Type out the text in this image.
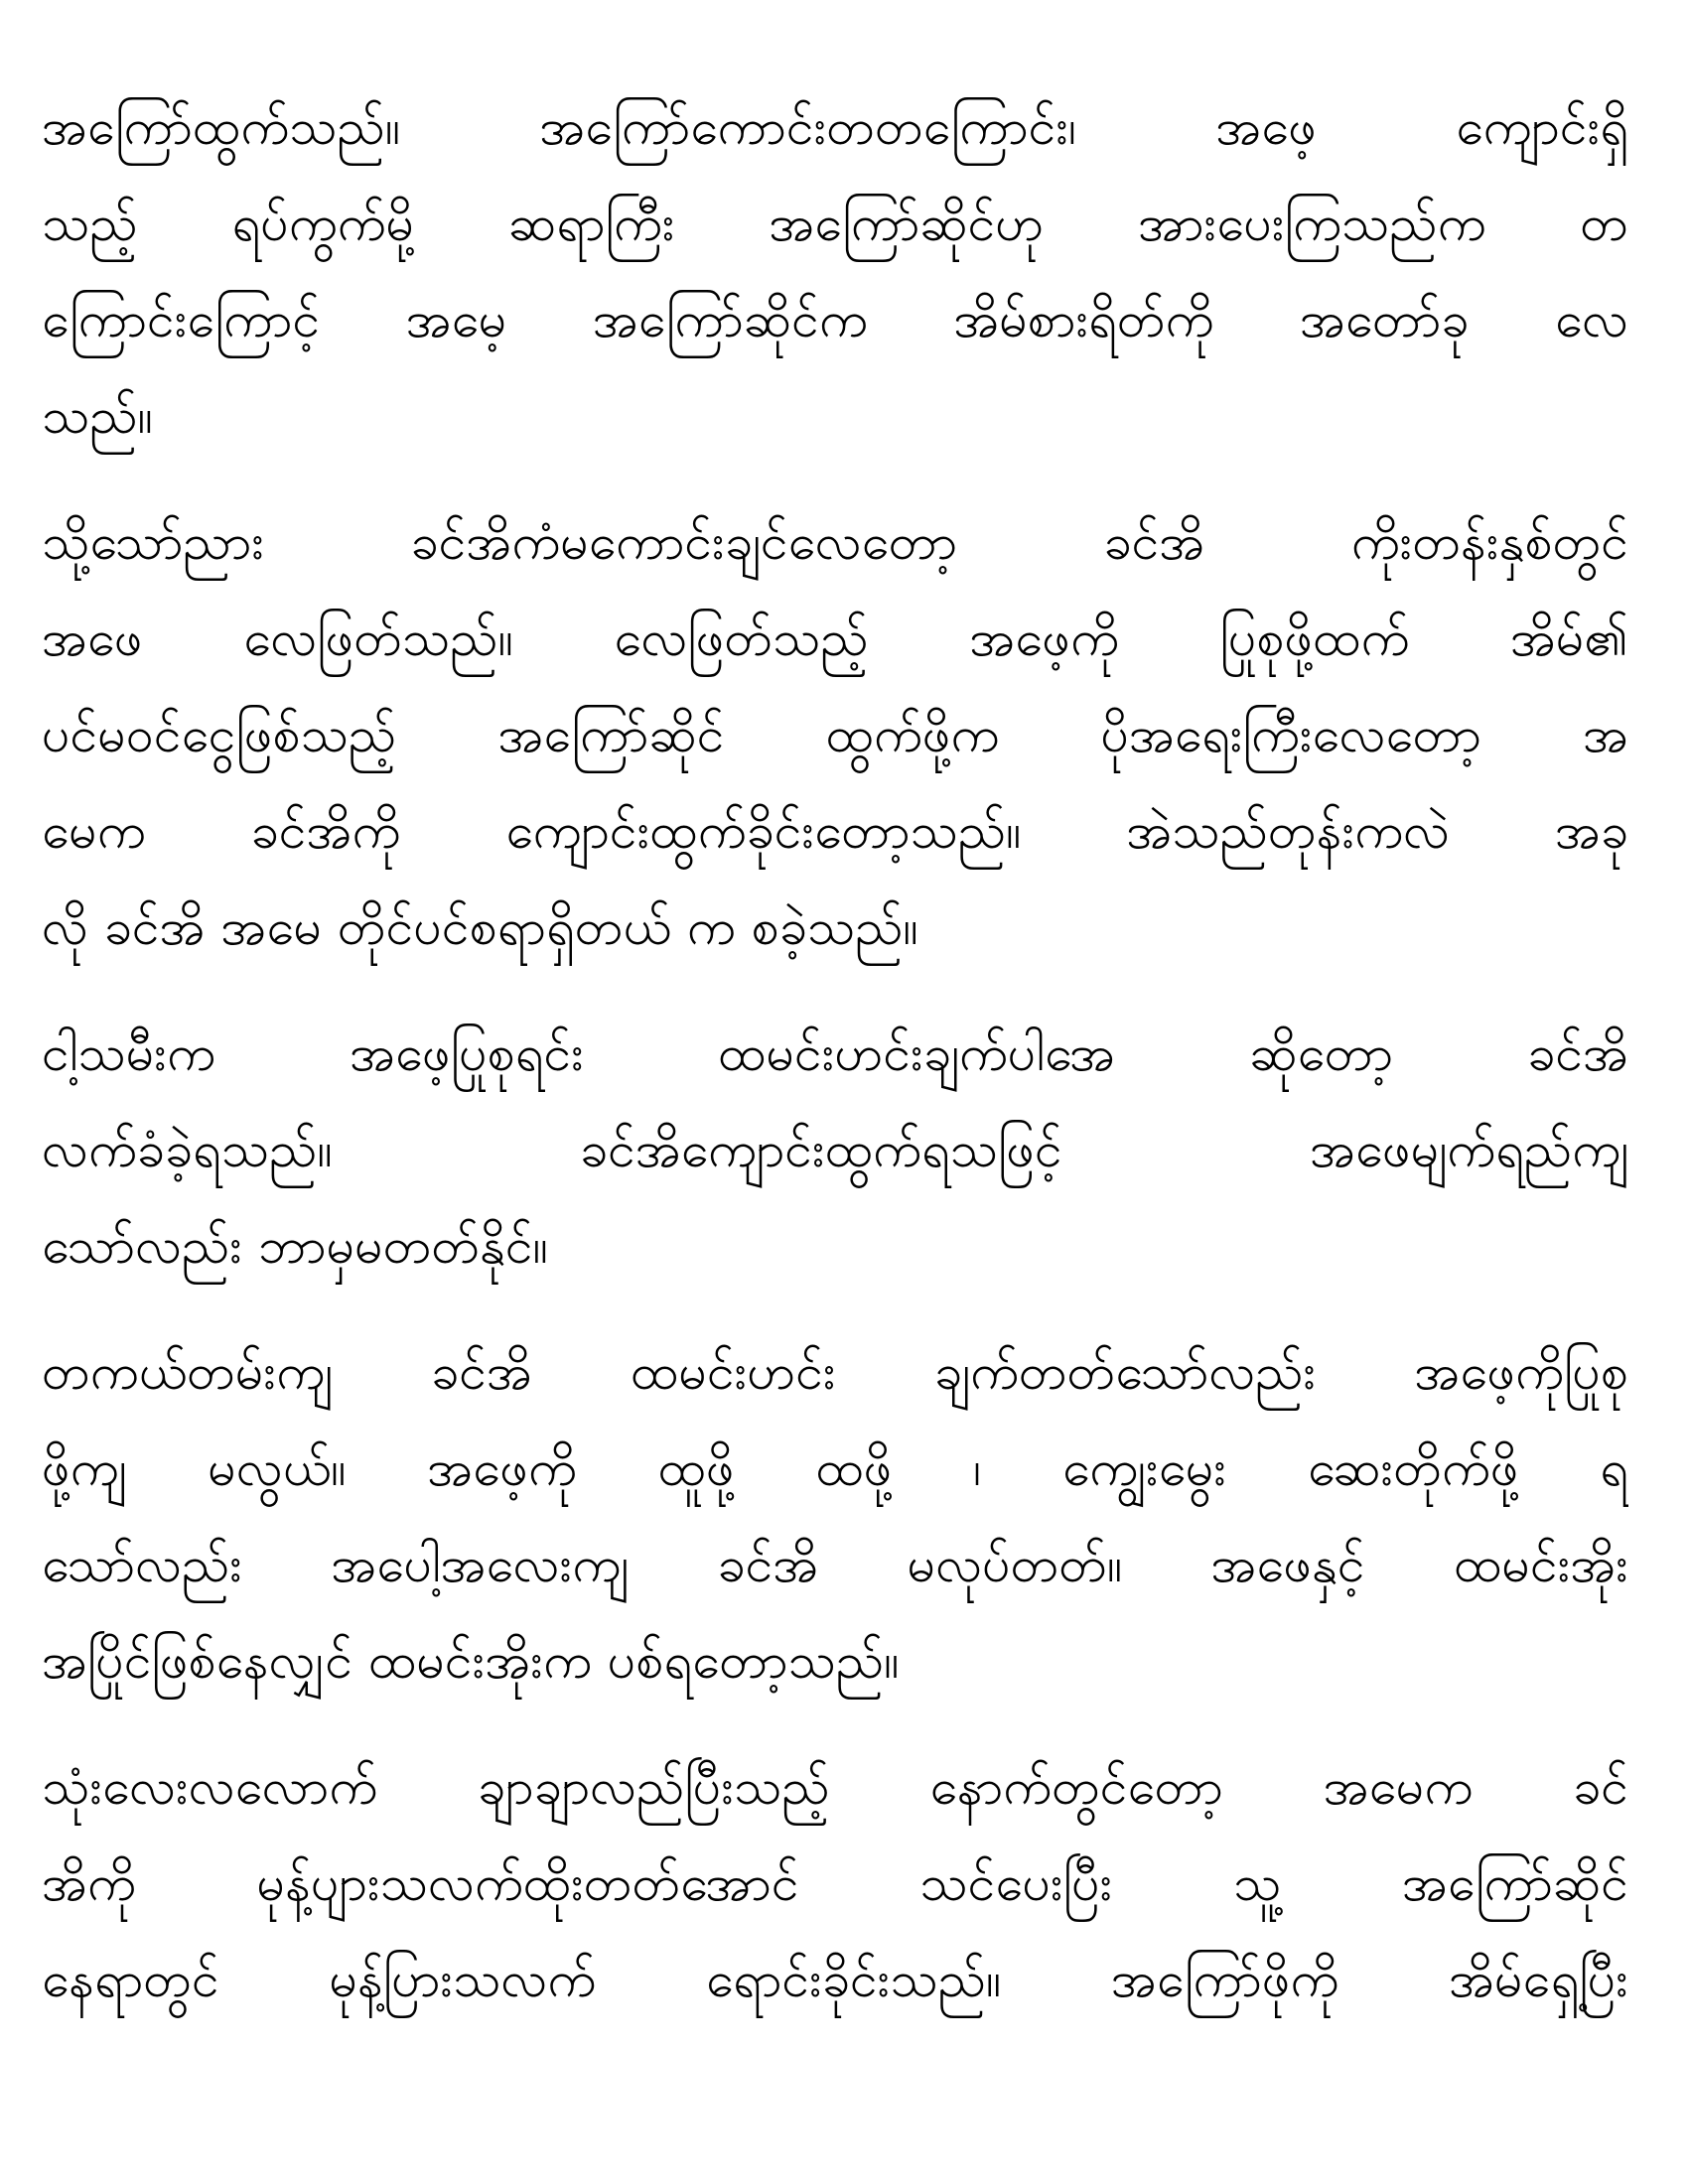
အကြော်ထွက်သည်။ အကြော်ကောင်းတတကြောင်း၊ အဖေ့ ကျောင်းရှိ
သည့် ရပ်ကွက်မို့ ဆရာကြီး အကြော်ဆိုင်ဟု အားပေးကြသည်က တ
ကြောင်းကြောင့် အမေ့ အကြော်ဆိုင်က အိမ်စားရိတ်ကို အတော်ခု လေ
သည်။
သို့သော်ညား ခင်အိကံမကောင်းချင်လေတော့ ခင်အိ ကိုးတန်းနှစ်တွင်
အဖေ လေဖြတ်သည်။ လေဖြတ်သည့် အဖေ့ကို ပြုစုဖို့ထက် အိမ်၏
ပင်မဝင်ငွေဖြစ်သည့် အကြော်ဆိုင် ထွက်ဖို့က ပိုအရေးကြီးလေတော့ အ
မေက ခင်အိကို ကျောင်းထွက်ခိုင်းတော့သည်။ အဲသည်တုန်းကလဲ အခု
လို ခင်အိ အမေ တိုင်ပင်စရာရှိတယ် က စခဲ့သည်။
ငါ့သမီးက အဖေ့ပြုစုရင်း ထမင်းဟင်းချက်ပါအေ ဆိုတော့ ခင်အိ
လက်ခံခဲ့ရသည်။ ခင်အိကျောင်းထွက်ရသဖြင့် အဖေမျက်ရည်ကျ
သော်လည်း ဘာမှမတတ်နိုင်။
တကယ်တမ်းကျ ခင်အိ ထမင်းဟင်း ချက်တတ်သော်လည်း အဖေ့ကိုပြုစု
ဖို့ကျ မလွယ်။ အဖေ့ကို ထူဖို့ ထဖို့ ၊ ကျွေးမွေး ဆေးတိုက်ဖို့ ရ
သော်လည်း အပေါ့အလေးကျ ခင်အိ မလုပ်တတ်။ အဖေနှင့် ထမင်းအိုး
အပြိုင်ဖြစ်နေလျှင် ထမင်းအိုးက ပစ်ရတော့သည်။
သုံးလေးလလောက် ချာချာလည်ပြီးသည့် နောက်တွင်တော့ အမေက ခင်
အိကို မုန့်ပျားသလက်ထိုးတတ်အောင် သင်ပေးပြီး သူ့ အကြော်ဆိုင်
နေရာတွင် မုန့်ပြားသလက် ရောင်းခိုင်းသည်။ အကြော်ဖိုကို အိမ်ရှေ့ပြီး
